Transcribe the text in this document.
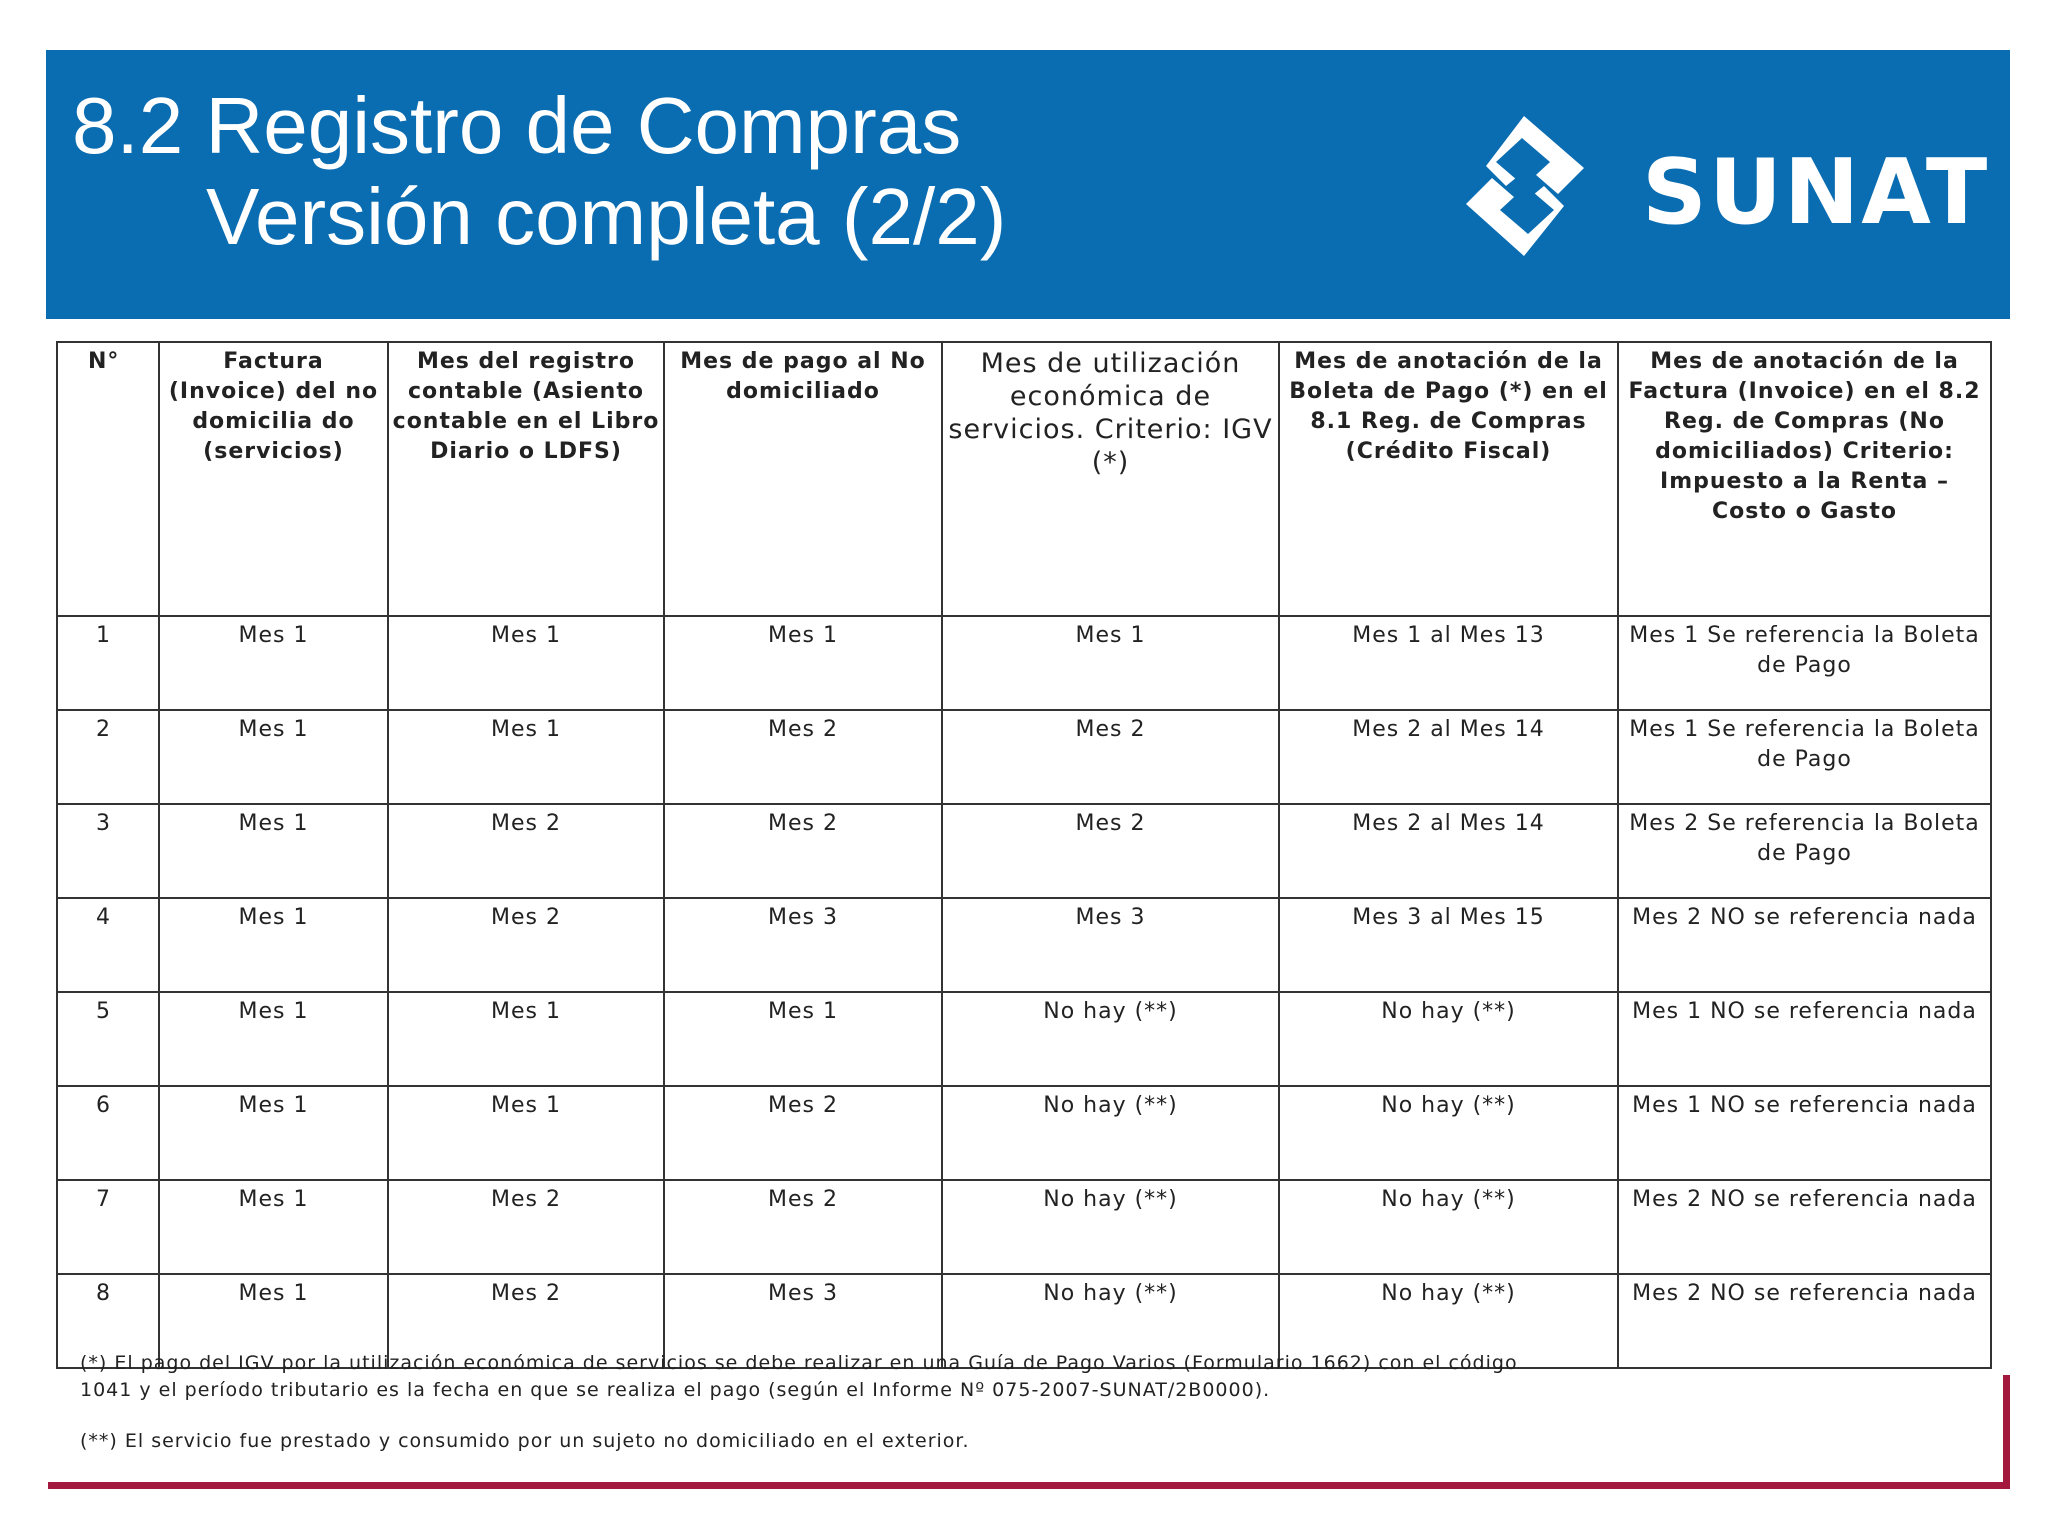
8.2 Registro de Compras
Versión completa (2/2)	SUNAT
N°	Factura (Invoice) del no domicilia do (servicios)	Mes del registro contable (Asiento contable en el Libro Diario o LDFS)	Mes de pago al No domiciliado	Mes de utilización económica de servicios. Criterio: IGV (*)	Mes de anotación de la Boleta de Pago (*) en el 8.1 Reg. de Compras (Crédito Fiscal)	Mes de anotación de la Factura (Invoice) en el 8.2 Reg. de Compras (No domiciliados) Criterio: Impuesto a la Renta – Costo o Gasto
1	Mes 1	Mes 1	Mes 1	Mes 1	Mes 1 al Mes 13	Mes 1 Se referencia la Boleta de Pago
2	Mes 1	Mes 1	Mes 2	Mes 2	Mes 2 al Mes 14	Mes 1 Se referencia la Boleta de Pago
3	Mes 1	Mes 2	Mes 2	Mes 2	Mes 2 al Mes 14	Mes 2 Se referencia la Boleta de Pago
4	Mes 1	Mes 2	Mes 3	Mes 3	Mes 3 al Mes 15	Mes 2 NO se referencia nada
5	Mes 1	Mes 1	Mes 1	No hay (**)	No hay (**)	Mes 1 NO se referencia nada
6	Mes 1	Mes 1	Mes 2	No hay (**)	No hay (**)	Mes 1 NO se referencia nada
7	Mes 1	Mes 2	Mes 2	No hay (**)	No hay (**)	Mes 2 NO se referencia nada
8	Mes 1	Mes 2	Mes 3	No hay (**)	No hay (**)	Mes 2 NO se referencia nada

(*) El pago del IGV por la utilización económica de servicios se debe realizar en una Guía de Pago Varios (Formulario 1662) con el código

1041 y el período tributario es la fecha en que se realiza el pago (según el Informe Nº 075-2007-SUNAT/2B0000).

(**) El servicio fue prestado y consumido por un sujeto no domiciliado en el exterior.
